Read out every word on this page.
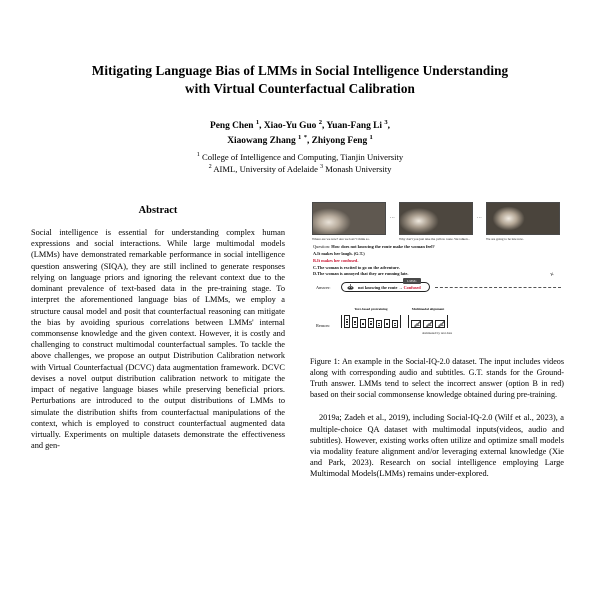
Mitigating Language Bias of LMMs in Social Intelligence Understanding
with Virtual Counterfactual Calibration
Peng Chen $^1$, Xiao-Yu Guo $^2$, Yuan-Fang Li $^3$,
Xiaowang Zhang $^1$ *, Zhiyong Feng $^1$
$^1$ College of Intelligence and Computing, Tianjin University
$^2$ AIML, University of Adelaide $^3$ Monash University
Abstract

Social intelligence is essential for understanding complex human expressions and social interactions. While large multimodal models (LMMs) have demonstrated remarkable performance in social intelligence question answering (SIQA), they are still inclined to generate responses relying on language priors and ignoring the relevant context due to the dominant prevalence of text-based data in the pre-training stage. To interpret the aforementioned language bias of LMMs, we employ a structure causal model and posit that counterfactual reasoning can mitigate the bias by avoiding spurious correlations between LMMs' internal commonsense knowledge and the given context. However, it is costly and challenging to construct multimodal counterfactual samples. To tackle the above challenges, we propose an output Distribution Calibration network with Virtual Counterfactual (DCVC) data augmentation framework. DCVC devises a novel output distribution calibration network to mitigate the impact of negative language biases while preserving beneficial priors. Perturbations are introduced to the output distributions of LMMs to simulate the distribution shifts from counterfactual manipulations of the context, which is employed to construct counterfactual augmented data virtually. Experiments on multiple datasets demonstrate the effectiveness and gen-

Where are we now? Are we lost? I think so.
...
Why don't you just take the yellow route. We talked...
...
We are going to be late now.
Question: How does not knowing the route make the woman feel?
A.It makes her laugh. (G.T.)
B.It makes her confused.
C.The woman is excited to go on the adventure.
D.The woman is annoyed that they are running late.
Answer:
LMMs
not knowing the route → Confused
Reason:
Text-based pretraining	Multimodal alignment
dominated by text data
✕

Figure 1: An example in the Social-IQ-2.0 dataset. The input includes videos along with corresponding audio and subtitles. G.T. stands for the Ground-Truth answer. LMMs tend to select the incorrect answer (option B in red) based on their social commonsense knowledge obtained during pre-training.

2019a; Zadeh et al., 2019), including Social-IQ-2.0 (Wilf et al., 2023), a multiple-choice QA dataset with multimodal inputs(videos, audio and subtitles). However, existing works often utilize and optimize small models via modality feature alignment and/or leveraging external knowledge (Xie and Park, 2023). Research on social intelligence employing Large Multimodal Models(LMMs) remains under-explored.
